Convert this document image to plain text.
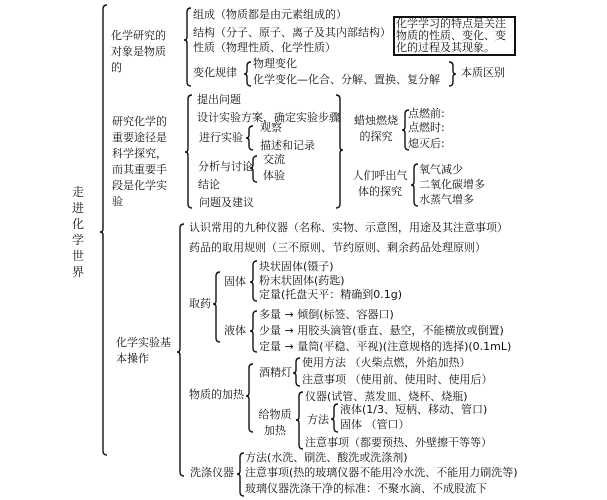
走进化学世界
化学研究的对象是物质的
组成（物质都是由元素组成的）
结构（分子、原子、离子及其内部结构）
性质（物理性质、化学性质）
变化规律
物理变化
化学变化—化合、分解、置换、复分解
本质区别
化学学习的特点是关注物质的性质、变化、变化的过程及其现象。
研究化学的重要途径是科学探究，而其重要手段是化学实验
提出问题
设计实验方案，确定实验步骤
进行实验
观察
描述和记录
分析与讨论
交流
体验
结论
问题及建议
蜡烛燃烧的探究
点燃前:
点燃时:
熄灭后:
人们呼出气体的探究
氧气减少
二氧化碳增多
水蒸气增多
化学实验基本操作
认识常用的九种仪器（名称、实物、示意图，用途及其注意事项）
药品的取用规则（三不原则、节约原则、剩余药品处理原则）
取药
固体
块状固体(镊子)
粉末状固体(药匙)
定量(托盘天平：精确到0.1g)
液体
多量 → 倾倒(标签、容器口)
少量 → 用胶头滴管(垂直、悬空，不能横放或倒置)
定量 → 量筒(平稳、平视)(注意规格的选择)(0.1mL)
物质的加热
酒精灯
使用方法 （火柴点燃，外焰加热）
注意事项 （使用前、使用时、使用后）
给物质加热
仪器(试管、蒸发皿、烧杯、烧瓶)
方法
液体(1/3、短柄、移动、管口)
固体 （管口）
注意事项（都要预热、外壁擦干等等）
洗涤仪器
方法(水洗、刷洗、酸洗或洗涤剂)
注意事项(热的玻璃仪器不能用冷水洗、不能用力刷洗等)
玻璃仪器洗涤干净的标准：不聚水滴、不成股流下
